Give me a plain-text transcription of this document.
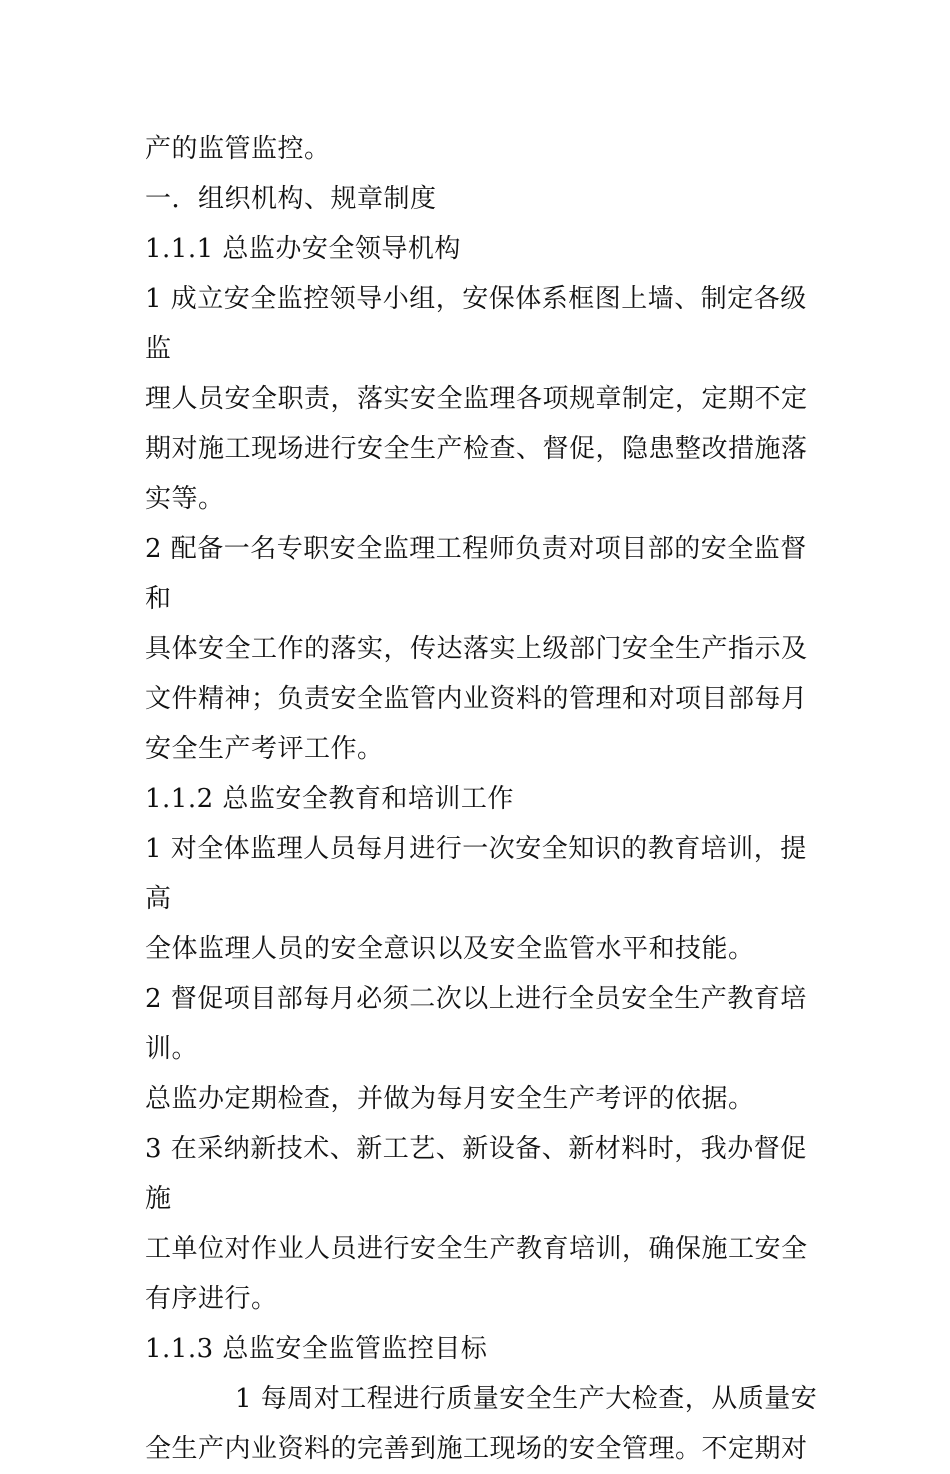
产的监管监控。

一．组织机构、规章制度

1.1.1 总监办安全领导机构

1 成立安全监控领导小组，安保体系框图上墙、制定各级监
理人员安全职责，落实安全监理各项规章制定，定期不定
期对施工现场进行安全生产检查、督促，隐患整改措施落
实等。

2 配备一名专职安全监理工程师负责对项目部的安全监督和
具体安全工作的落实，传达落实上级部门安全生产指示及
文件精神；负责安全监管内业资料的管理和对项目部每月
安全生产考评工作。

1.1.2 总监安全教育和培训工作

1 对全体监理人员每月进行一次安全知识的教育培训，提高
全体监理人员的安全意识以及安全监管水平和技能。

2 督促项目部每月必须二次以上进行全员安全生产教育培训。
总监办定期检查，并做为每月安全生产考评的依据。

3 在采纳新技术、新工艺、新设备、新材料时，我办督促施
工单位对作业人员进行安全生产教育培训，确保施工安全
有序进行。

1.1.3 总监安全监管监控目标

1 每周对工程进行质量安全生产大检查，从质量安
全生产内业资料的完善到施工现场的安全管理。不定期对
